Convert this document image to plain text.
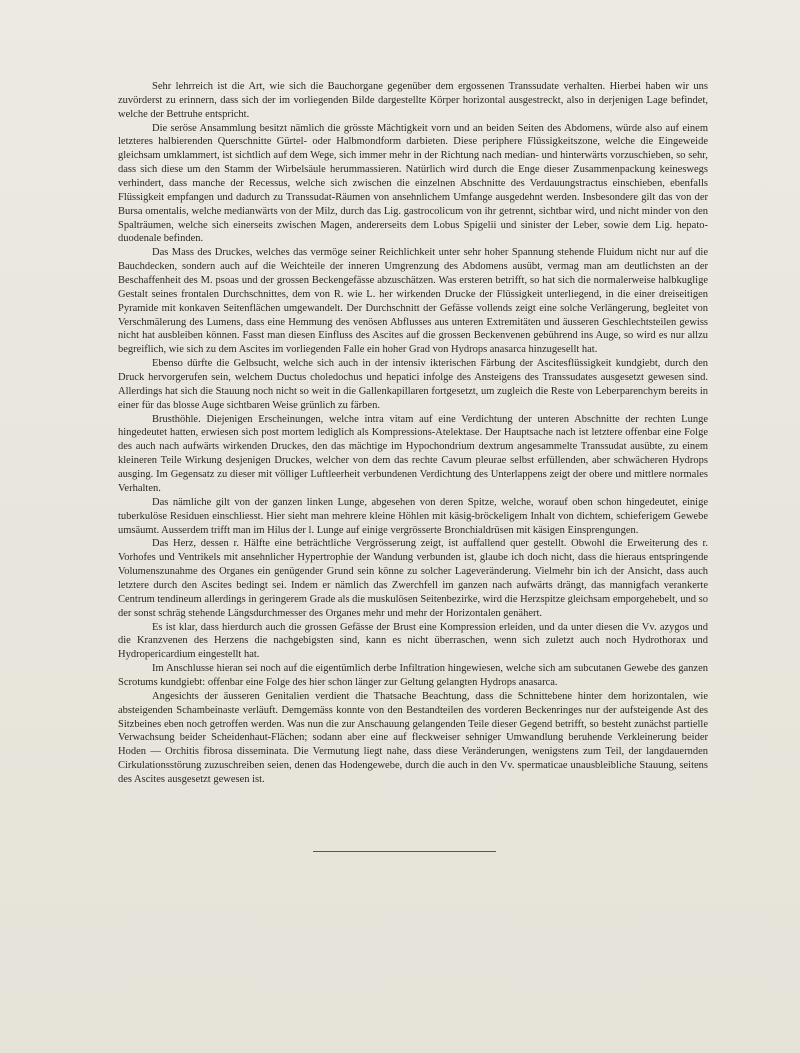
Sehr lehrreich ist die Art, wie sich die Bauchorgane gegenüber dem ergossenen Transsudate verhalten. Hierbei haben wir uns zuvörderst zu erinnern, dass sich der im vorliegenden Bilde dargestellte Körper horizontal ausgestreckt, also in derjenigen Lage befindet, welche der Bettruhe entspricht.

Die seröse Ansammlung besitzt nämlich die grösste Mächtigkeit vorn und an beiden Seiten des Abdomens, würde also auf einem letzteres halbierenden Querschnitte Gürtel- oder Halbmondform darbieten. Diese periphere Flüssigkeitszone, welche die Eingeweide gleichsam umklammert, ist sichtlich auf dem Wege, sich immer mehr in der Richtung nach median- und hinterwärts vorzuschieben, so sehr, dass sich diese um den Stamm der Wirbelsäule herummassieren. Natürlich wird durch die Enge dieser Zusammenpackung keineswegs verhindert, dass manche der Recessus, welche sich zwischen die einzelnen Abschnitte des Verdauungstractus einschieben, ebenfalls Flüssigkeit empfangen und dadurch zu Transsudat-Räumen von ansehnlichem Umfange ausgedehnt werden. Insbesondere gilt das von der Bursa omentalis, welche medianwärts von der Milz, durch das Lig. gastrocolicum von ihr getrennt, sichtbar wird, und nicht minder von den Spalträumen, welche sich einerseits zwischen Magen, andererseits dem Lobus Spigelii und sinister der Leber, sowie dem Lig. hepato-duodenale befinden.

Das Mass des Druckes, welches das vermöge seiner Reichlichkeit unter sehr hoher Spannung stehende Fluidum nicht nur auf die Bauchdecken, sondern auch auf die Weichteile der inneren Umgrenzung des Abdomens ausübt, vermag man am deutlichsten an der Beschaffenheit des M. psoas und der grossen Beckengefässe abzuschätzen. Was ersteren betrifft, so hat sich die normalerweise halbkuglige Gestalt seines frontalen Durchschnittes, dem von R. wie L. her wirkenden Drucke der Flüssigkeit unterliegend, in die einer dreiseitigen Pyramide mit konkaven Seitenflächen umgewandelt. Der Durchschnitt der Gefässe vollends zeigt eine solche Verlängerung, begleitet von Verschmälerung des Lumens, dass eine Hemmung des venösen Abflusses aus unteren Extremitäten und äusseren Geschlechtsteilen gewiss nicht hat ausbleiben können. Fasst man diesen Einfluss des Ascites auf die grossen Beckenvenen gebührend ins Auge, so wird es nur allzu begreiflich, wie sich zu dem Ascites im vorliegenden Falle ein hoher Grad von Hydrops anasarca hinzugesellt hat.

Ebenso dürfte die Gelbsucht, welche sich auch in der intensiv ikterischen Färbung der Ascitesflüssigkeit kundgiebt, durch den Druck hervorgerufen sein, welchem Ductus choledochus und hepatici infolge des Ansteigens des Transsudates ausgesetzt gewesen sind. Allerdings hat sich die Stauung noch nicht so weit in die Gallenkapillaren fortgesetzt, um zugleich die Reste von Leberparenchym bereits in einer für das blosse Auge sichtbaren Weise grünlich zu färben.

Brusthöhle. Diejenigen Erscheinungen, welche intra vitam auf eine Verdichtung der unteren Abschnitte der rechten Lunge hingedeutet hatten, erwiesen sich post mortem lediglich als Kompressions-Atelektase. Der Hauptsache nach ist letztere offenbar eine Folge des auch nach aufwärts wirkenden Druckes, den das mächtige im Hypochondrium dextrum angesammelte Transsudat ausübte, zu einem kleineren Teile Wirkung desjenigen Druckes, welcher von dem das rechte Cavum pleurae selbst erfüllenden, aber schwächeren Hydrops ausging. Im Gegensatz zu dieser mit völliger Luftleerheit verbundenen Verdichtung des Unterlappens zeigt der obere und mittlere normales Verhalten.

Das nämliche gilt von der ganzen linken Lunge, abgesehen von deren Spitze, welche, worauf oben schon hingedeutet, einige tuberkulöse Residuen einschliesst. Hier sieht man mehrere kleine Höhlen mit käsig-bröckeligem Inhalt von dichtem, schieferigem Gewebe umsäumt. Ausserdem trifft man im Hilus der l. Lunge auf einige vergrösserte Bronchialdrüsen mit käsigen Einsprengungen.

Das Herz, dessen r. Hälfte eine beträchtliche Vergrösserung zeigt, ist auffallend quer gestellt. Obwohl die Erweiterung des r. Vorhofes und Ventrikels mit ansehnlicher Hypertrophie der Wandung verbunden ist, glaube ich doch nicht, dass die hieraus entspringende Volumenszunahme des Organes ein genügender Grund sein könne zu solcher Lageveränderung. Vielmehr bin ich der Ansicht, dass auch letztere durch den Ascites bedingt sei. Indem er nämlich das Zwerchfell im ganzen nach aufwärts drängt, das mannigfach verankerte Centrum tendineum allerdings in geringerem Grade als die muskulösen Seitenbezirke, wird die Herzspitze gleichsam emporgehebelt, und so der sonst schräg stehende Längsdurchmesser des Organes mehr und mehr der Horizontalen genähert.

Es ist klar, dass hierdurch auch die grossen Gefässe der Brust eine Kompression erleiden, und da unter diesen die Vv. azygos und die Kranzvenen des Herzens die nachgebigsten sind, kann es nicht überraschen, wenn sich zuletzt auch noch Hydrothorax und Hydropericardium eingestellt hat.

Im Anschlusse hieran sei noch auf die eigentümlich derbe Infiltration hingewiesen, welche sich am subcutanen Gewebe des ganzen Scrotums kundgiebt: offenbar eine Folge des hier schon länger zur Geltung gelangten Hydrops anasarca.

Angesichts der äusseren Genitalien verdient die Thatsache Beachtung, dass die Schnittebene hinter dem horizontalen, wie absteigenden Schambeinaste verläuft. Demgemäss konnte von den Bestandteilen des vorderen Beckenringes nur der aufsteigende Ast des Sitzbeines eben noch getroffen werden. Was nun die zur Anschauung gelangenden Teile dieser Gegend betrifft, so besteht zunächst partielle Verwachsung beider Scheidenhaut-Flächen; sodann aber eine auf fleckweiser sehniger Umwandlung beruhende Verkleinerung beider Hoden — Orchitis fibrosa disseminata. Die Vermutung liegt nahe, dass diese Veränderungen, wenigstens zum Teil, der langdauernden Cirkulationsstörung zuzuschreiben seien, denen das Hodengewebe, durch die auch in den Vv. spermaticae unausbleibliche Stauung, seitens des Ascites ausgesetzt gewesen ist.
